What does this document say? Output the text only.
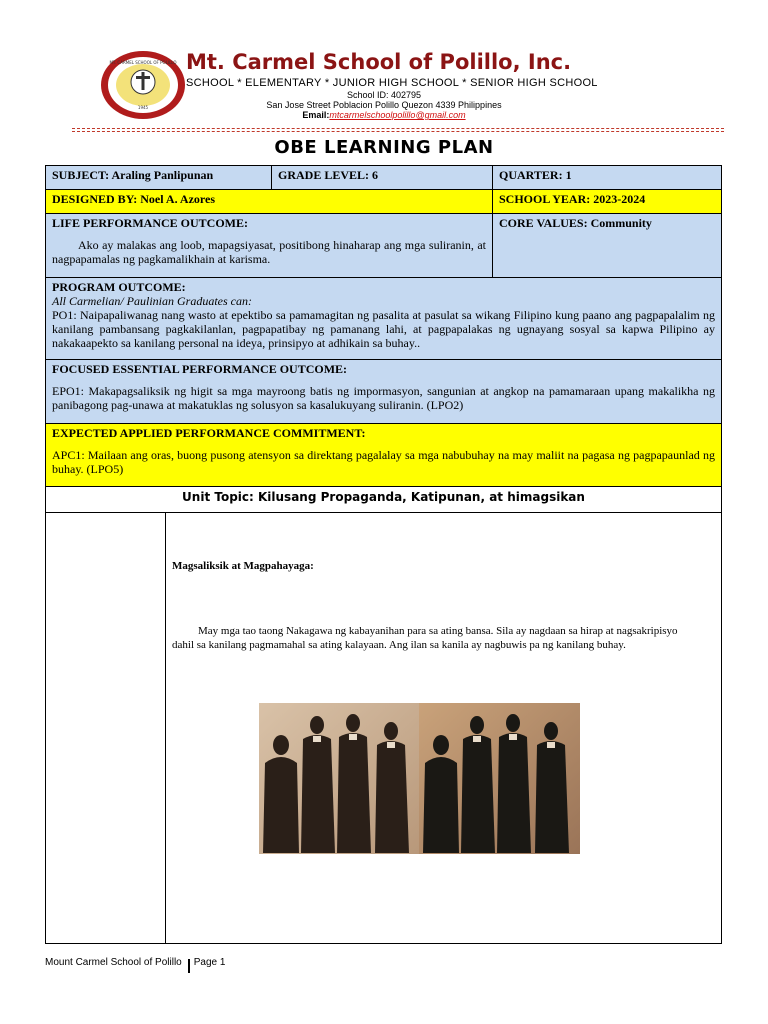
MT. CARMEL SCHOOL OF POLILLO
1945
Mt. Carmel School of Polillo, Inc.
SCHOOL * ELEMENTARY * JUNIOR HIGH SCHOOL * SENIOR HIGH SCHOOL
School ID: 402795
San Jose Street Poblacion Polillo Quezon 4339 Philippines
Email:mtcarmelschoolpolillo@gmail.com
OBE LEARNING PLAN
SUBJECT: Araling Panlipunan	GRADE LEVEL: 6	QUARTER: 1
DESIGNED BY: Noel A. Azores	SCHOOL YEAR: 2023-2024
LIFE PERFORMANCE OUTCOME:
Ako ay malakas ang loob, mapagsiyasat, positibong hinaharap ang mga suliranin, at nagpapamalas ng pagkamalikhain at karisma.
CORE VALUES: Community
PROGRAM OUTCOME:
All Carmelian/ Paulinian Graduates can:
PO1: Naipapaliwanag nang wasto at epektibo sa pamamagitan ng pasalita at pasulat sa wikang Filipino kung paano ang pagpapalalim ng kanilang pambansang pagkakilanlan, pagpapatibay ng pamanang lahi, at pagpapalakas ng ugnayang sosyal sa kapwa Pilipino ay nakakaapekto sa kanilang personal na ideya, prinsipyo at adhikain sa buhay..
FOCUSED ESSENTIAL PERFORMANCE OUTCOME:
EPO1: Makapagsaliksik ng higit sa mga mayroong batis ng impormasyon, sangunian at angkop na pamamaraan upang makalikha ng panibagong pag-unawa at makatuklas ng solusyon sa kasalukuyang suliranin. (LPO2)
EXPECTED APPLIED PERFORMANCE COMMITMENT:
APC1: Mailaan ang oras, buong pusong atensyon sa direktang pagalalay sa mga nabubuhay na may maliit na pagasa ng pagpapaunlad ng buhay. (LPO5)
Unit Topic: Kilusang Propaganda, Katipunan, at himagsikan
Magsaliksik at Magpahayaga:
May mga tao taong Nakagawa ng kabayanihan para sa ating bansa. Sila ay nagdaan sa hirap at nagsakripisyo dahil sa kanilang pagmamahal sa ating kalayaan. Ang ilan sa kanila ay nagbuwis pa ng kanilang buhay.
Mount Carmel School of Polillo Page 1
